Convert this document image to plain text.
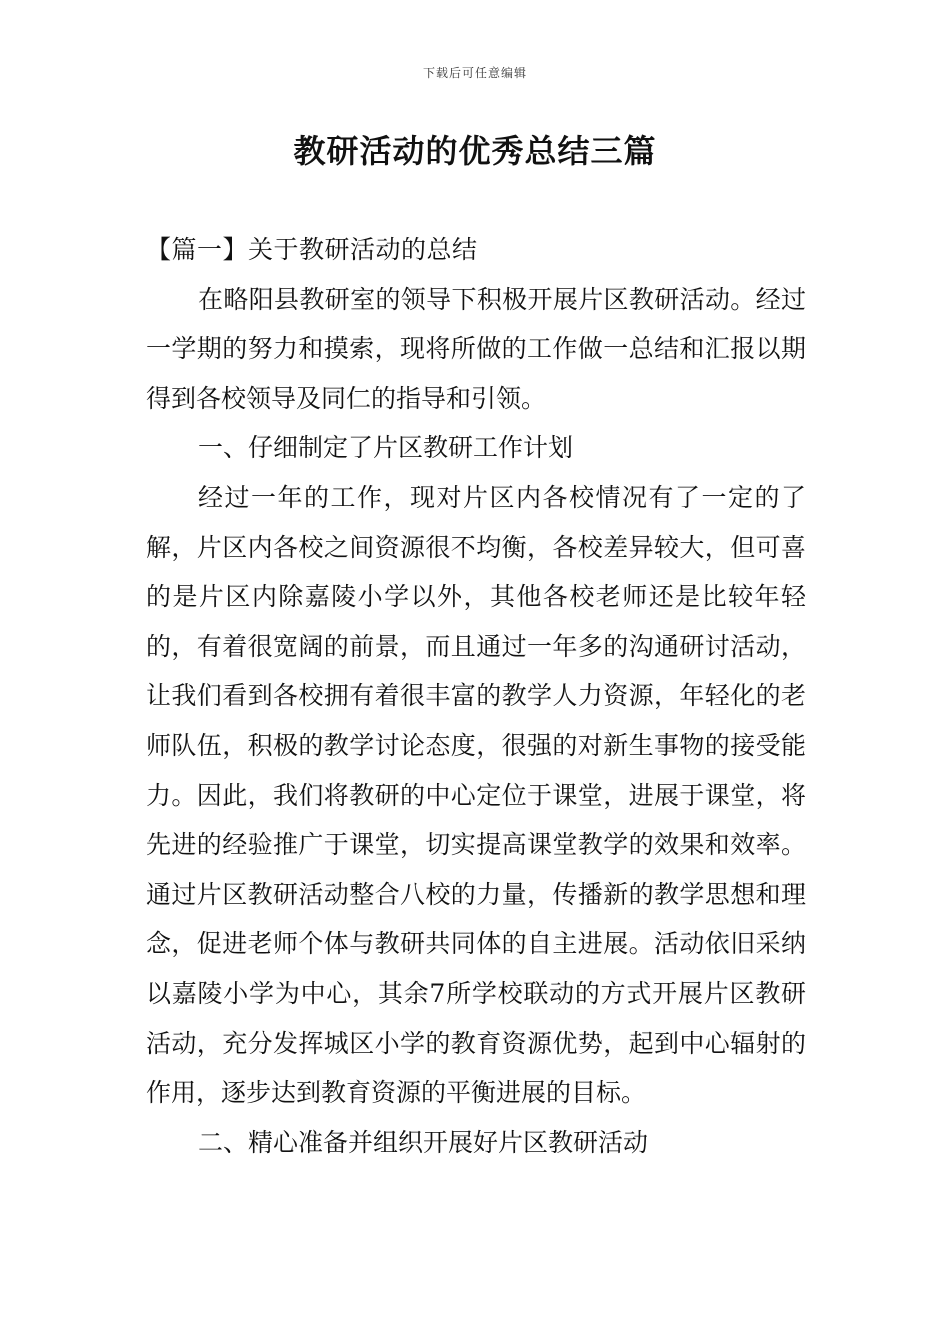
下载后可任意编辑
教研活动的优秀总结三篇

【篇一】关于教研活动的总结

在略阳县教研室的领导下积极开展片区教研活动。经过一学期的努力和摸索，现将所做的工作做一总结和汇报以期得到各校领导及同仁的指导和引领。

一、仔细制定了片区教研工作计划

经过一年的工作，现对片区内各校情况有了一定的了解，片区内各校之间资源很不均衡，各校差异较大，但可喜的是片区内除嘉陵小学以外，其他各校老师还是比较年轻的，有着很宽阔的前景，而且通过一年多的沟通研讨活动，让我们看到各校拥有着很丰富的教学人力资源，年轻化的老师队伍，积极的教学讨论态度，很强的对新生事物的接受能力。因此，我们将教研的中心定位于课堂，进展于课堂，将先进的经验推广于课堂，切实提高课堂教学的效果和效率。通过片区教研活动整合八校的力量，传播新的教学思想和理念，促进老师个体与教研共同体的自主进展。活动依旧采纳以嘉陵小学为中心，其余7所学校联动的方式开展片区教研活动，充分发挥城区小学的教育资源优势，起到中心辐射的作用，逐步达到教育资源的平衡进展的目标。

二、精心准备并组织开展好片区教研活动
